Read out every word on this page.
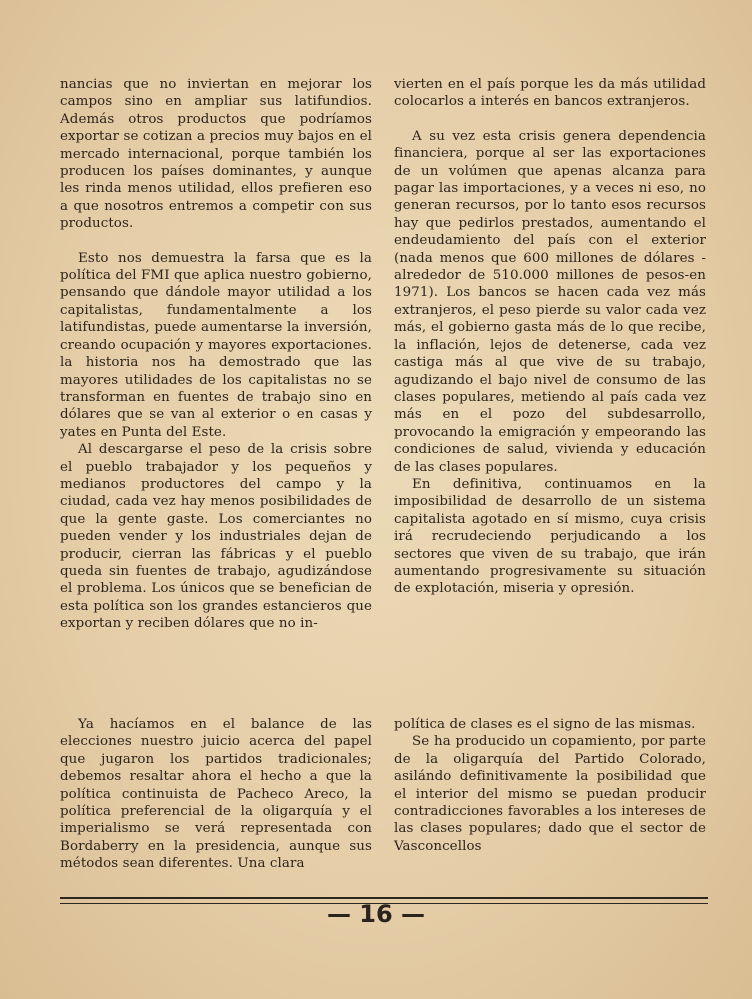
nancias que no inviertan en mejorar los campos sino en ampliar sus latifundios. Además otros productos que podríamos exportar se cotizan a precios muy bajos en el mercado internacional, porque también los producen los países dominantes, y aunque les rinda menos utilidad, ellos prefieren eso a que nosotros entremos a competir con sus productos.

Esto nos demuestra la farsa que es la política del FMI que aplica nuestro gobierno, pensando que dándole mayor utilidad a los capitalistas, fundamentalmente a los latifundistas, puede aumentarse la inversión, creando ocupación y mayores exportaciones. la historia nos ha demostrado que las mayores utilidades de los capitalistas no se transforman en fuentes de trabajo sino en dólares que se van al exterior o en casas y yates en Punta del Este.

Al descargarse el peso de la crisis sobre el pueblo trabajador y los pequeños y medianos productores del campo y la ciudad, cada vez hay menos posibilidades de que la gente gaste. Los comerciantes no pueden vender y los industriales dejan de producir, cierran las fábricas y el pueblo queda sin fuentes de trabajo, agudizándose el problema. Los únicos que se benefician de esta política son los grandes estancieros que exportan y reciben dólares que no in-

vierten en el país porque les da más utilidad colocarlos a interés en bancos extranjeros.

A su vez esta crisis genera dependencia financiera, porque al ser las exportaciones de un volúmen que apenas alcanza para pagar las importaciones, y a veces ni eso, no generan recursos, por lo tanto esos recursos hay que pedirlos prestados, aumentando el endeudamiento del país con el exterior (nada menos que 600 millones de dólares -alrededor de 510.000 millones de pesos-en 1971). Los bancos se hacen cada vez más extranjeros, el peso pierde su valor cada vez más, el gobierno gasta más de lo que recibe, la inflación, lejos de detenerse, cada vez castiga más al que vive de su trabajo, agudizando el bajo nivel de consumo de las clases populares, metiendo al país cada vez más en el pozo del subdesarrollo, provocando la emigración y empeorando las condiciones de salud, vivienda y educación de las clases populares.

En definitiva, continuamos en la imposibilidad de desarrollo de un sistema capitalista agotado en sí mismo, cuya crisis irá recrudeciendo perjudicando a los sectores que viven de su trabajo, que irán aumentando progresivamente su situación de explotación, miseria y opresión.

Ya hacíamos en el balance de las elecciones nuestro juicio acerca del papel que jugaron los partidos tradicionales; debemos resaltar ahora el hecho a que la política continuista de Pacheco Areco, la política preferencial de la oligarquía y el imperialismo se verá representada con Bordaberry en la presidencia, aunque sus métodos sean diferentes. Una clara

política de clases es el signo de las mismas.

Se ha producido un copamiento, por parte de la oligarquía del Partido Colorado, asilándo definitivamente la posibilidad que el interior del mismo se puedan producir contradicciones favorables a los intereses de las clases populares; dado que el sector de Vasconcellos

— 16 —
